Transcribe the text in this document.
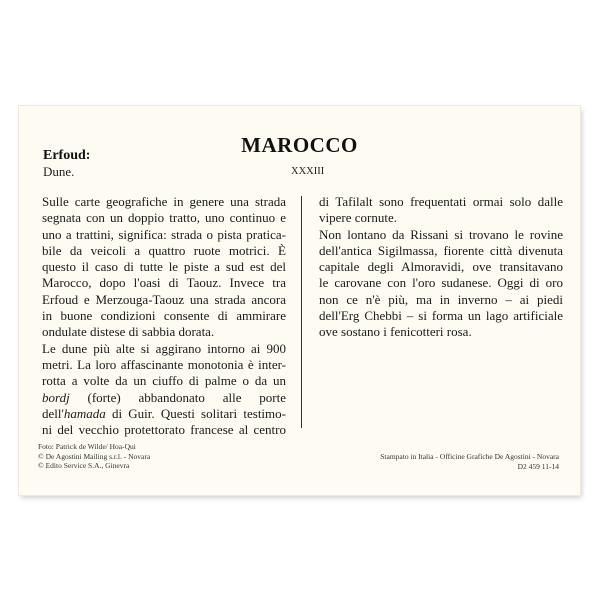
MAROCCO
XXXIII
Erfoud:
Dune.
Sulle carte geografiche in genere una strada
segnata con un doppio tratto, uno continuo e
uno a trattini, significa: strada o pista pratica-
bile da veicoli a quattro ruote motrici. È
questo il caso di tutte le piste a sud est del
Marocco, dopo l'oasi di Taouz. Invece tra
Erfoud e Merzouga-Taouz una strada ancora
in buone condizioni consente di ammirare
ondulate distese di sabbia dorata.
Le dune più alte si aggirano intorno ai 900
metri. La loro affascinante monotonia è inter-
rotta a volte da un ciuffo di palme o da un
bordj (forte) abbandonato alle porte
dell'hamada di Guir. Questi solitari testimo-
ni del vecchio protettorato francese al centro
di Tafilalt sono frequentati ormai solo dalle
vipere cornute.
Non lontano da Rissani si trovano le rovine
dell'antica Sigilmassa, fiorente città divenuta
capitale degli Almoravidi, ove transitavano
le carovane con l'oro sudanese. Oggi di oro
non ce n'è più, ma in inverno – ai piedi
dell'Erg Chebbi – si forma un lago artificiale
ove sostano i fenicotteri rosa.
Foto: Patrick de Wilde/ Hoa-Qui
© De Agostini Mailing s.r.l. - Novara
© Edito Service S.A., Ginevra
Stampato in Italia - Officine Grafiche De Agostini - Novara
D2 459 11-14
